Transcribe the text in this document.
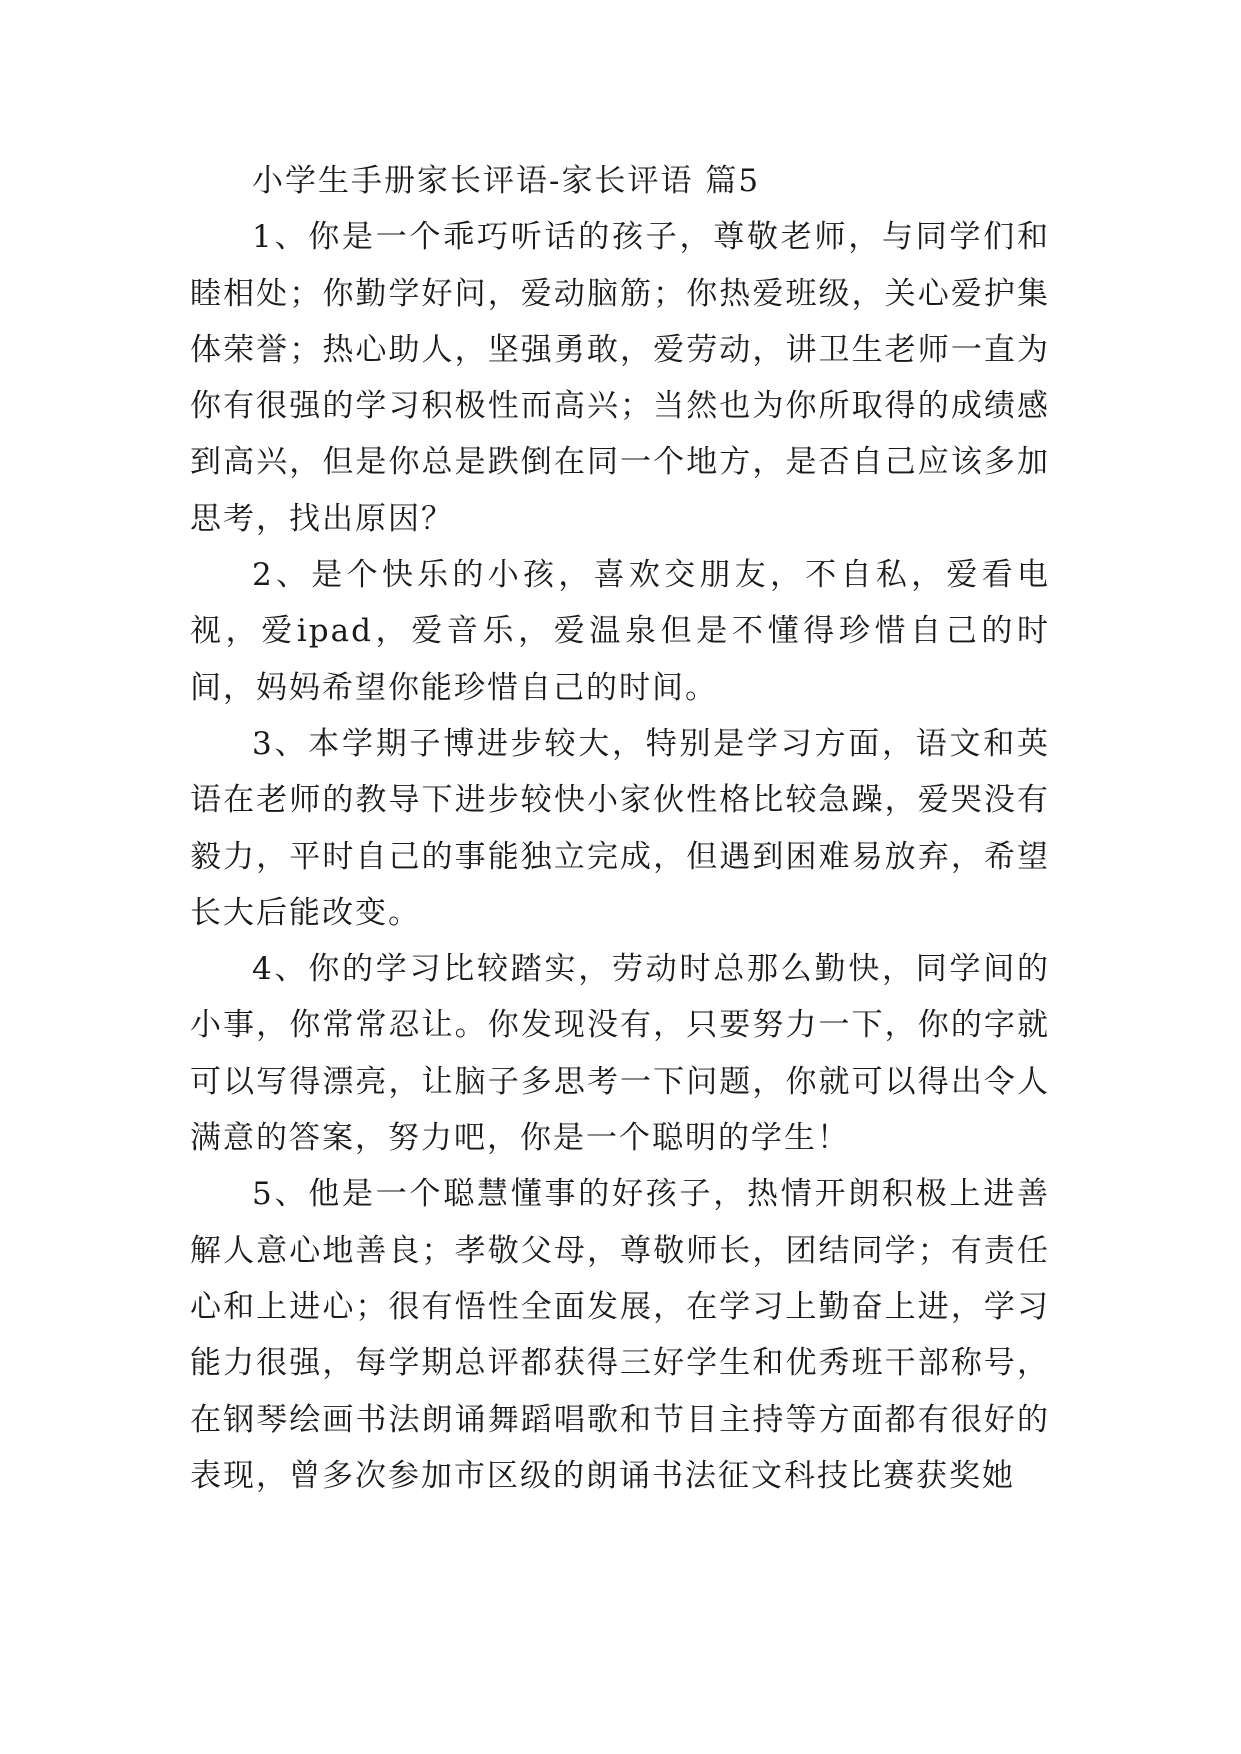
小学生手册家长评语-家长评语 篇5

1、你是一个乖巧听话的孩子，尊敬老师，与同学们和睦相处；你勤学好问，爱动脑筋；你热爱班级，关心爱护集体荣誉；热心助人，坚强勇敢，爱劳动，讲卫生老师一直为你有很强的学习积极性而高兴；当然也为你所取得的成绩感到高兴，但是你总是跌倒在同一个地方，是否自己应该多加思考，找出原因？

2、是个快乐的小孩，喜欢交朋友，不自私，爱看电视，爱ipad，爱音乐，爱温泉但是不懂得珍惜自己的时间，妈妈希望你能珍惜自己的时间。

3、本学期子博进步较大，特别是学习方面，语文和英语在老师的教导下进步较快小家伙性格比较急躁，爱哭没有毅力，平时自己的事能独立完成，但遇到困难易放弃，希望长大后能改变。

4、你的学习比较踏实，劳动时总那么勤快，同学间的小事，你常常忍让。你发现没有，只要努力一下，你的字就可以写得漂亮，让脑子多思考一下问题，你就可以得出令人满意的答案，努力吧，你是一个聪明的学生！

5、他是一个聪慧懂事的好孩子，热情开朗积极上进善解人意心地善良；孝敬父母，尊敬师长，团结同学；有责任心和上进心；很有悟性全面发展，在学习上勤奋上进，学习能力很强，每学期总评都获得三好学生和优秀班干部称号，在钢琴绘画书法朗诵舞蹈唱歌和节目主持等方面都有很好的表现，曾多次参加市区级的朗诵书法征文科技比赛获奖她
